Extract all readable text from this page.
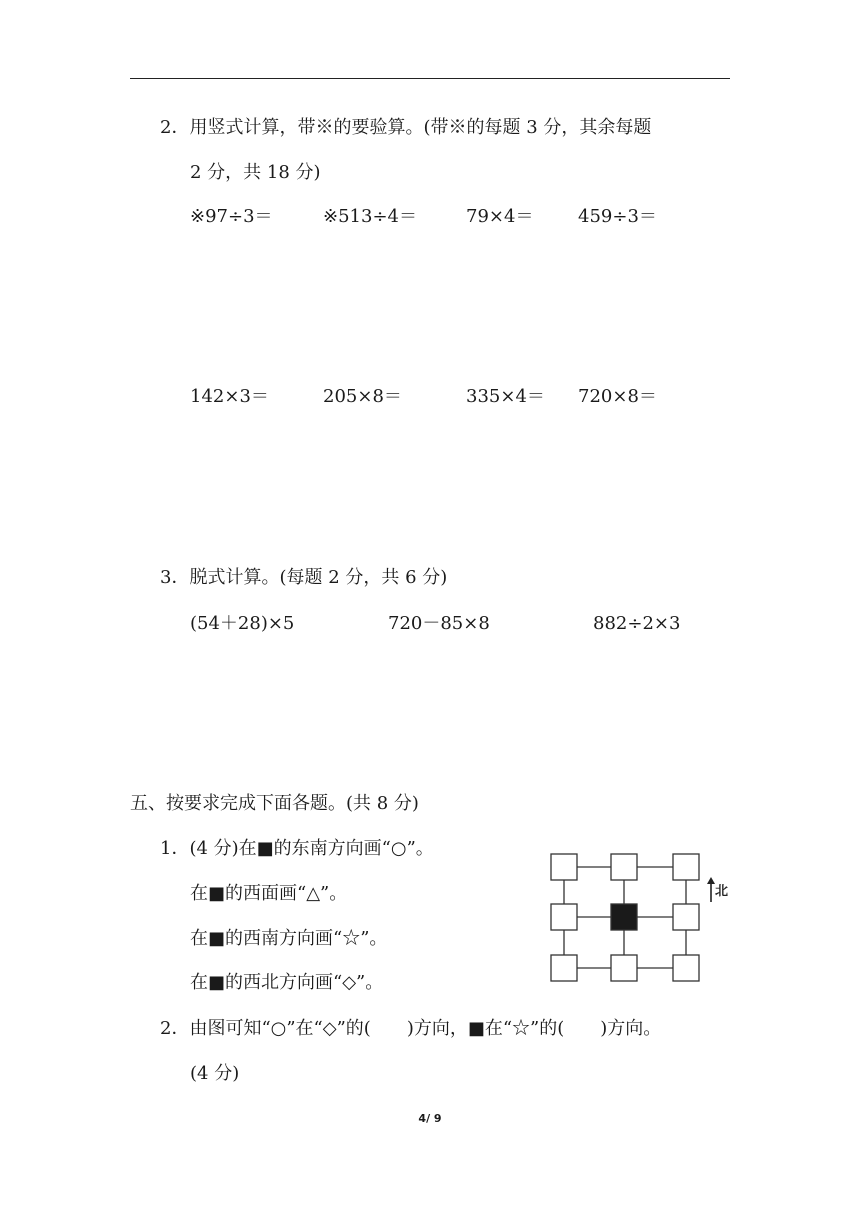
2．用竖式计算，带※的要验算。(带※的每题 3 分，其余每题
2 分，共 18 分)
※97÷3＝	※513÷4＝	79×4＝ 459÷3＝
142×3＝	205×8＝	335×4＝ 720×8＝
3．脱式计算。(每题 2 分，共 6 分)
(54＋28)×5	720－85×8	882÷2×3
五、按要求完成下面各题。(共 8 分)
1．(4 分)在■的东南方向画“○”。
在■的西面画“△”。
在■的西南方向画“☆”。
在■的西北方向画“◇”。
2．由图可知“○”在“◇”的(　　)方向，■在“☆”的(　　)方向。
(4 分)
北
4/ 9
